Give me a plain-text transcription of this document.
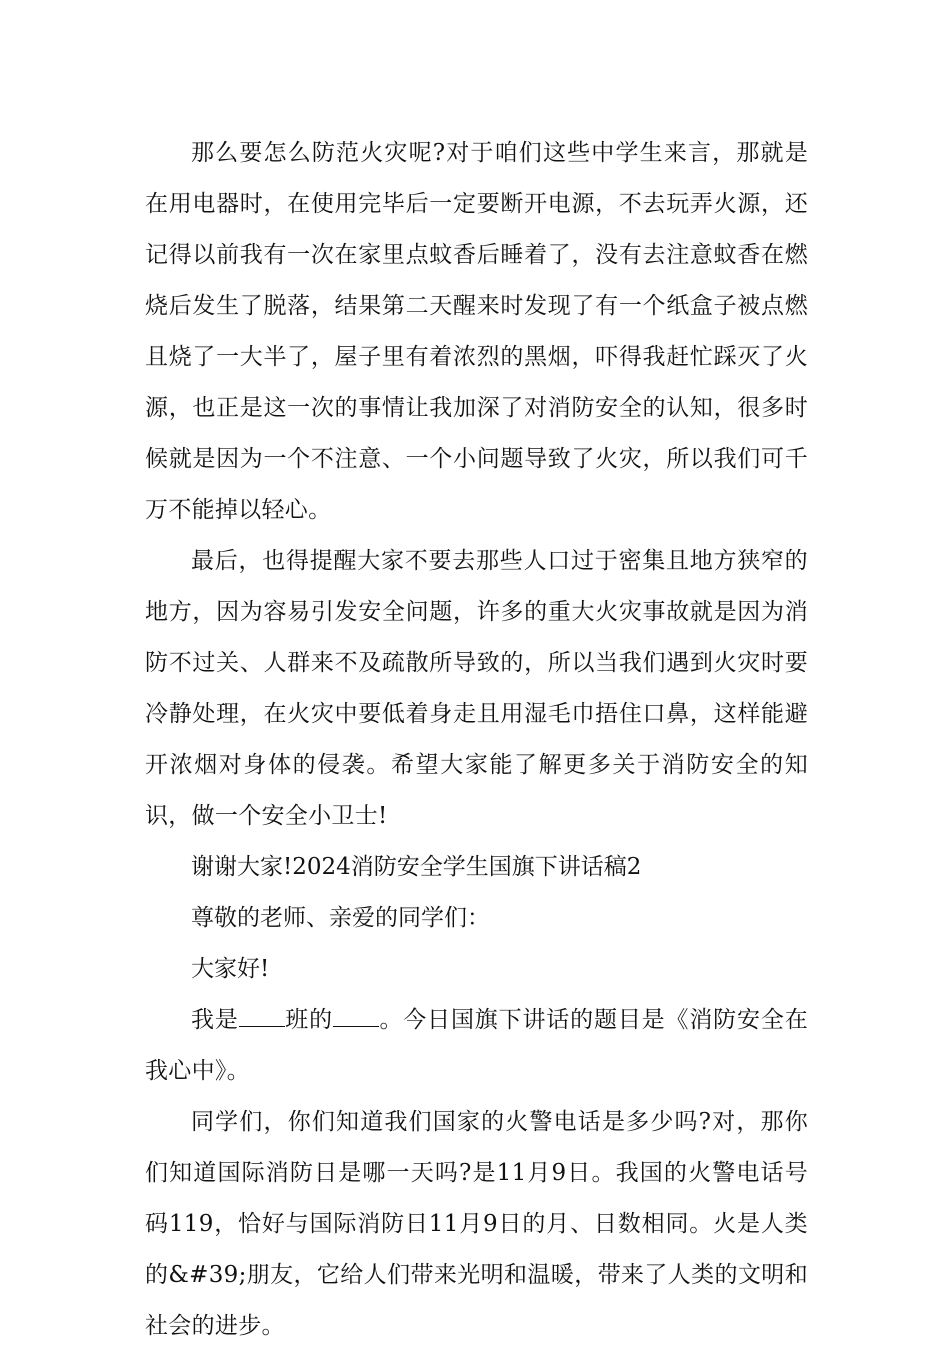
那么要怎么防范火灾呢?对于咱们这些中学生来言，那就是在用电器时，在使用完毕后一定要断开电源，不去玩弄火源，还记得以前我有一次在家里点蚊香后睡着了，没有去注意蚊香在燃烧后发生了脱落，结果第二天醒来时发现了有一个纸盒子被点燃且烧了一大半了，屋子里有着浓烈的黑烟，吓得我赶忙踩灭了火源，也正是这一次的事情让我加深了对消防安全的认知，很多时候就是因为一个不注意、一个小问题导致了火灾，所以我们可千万不能掉以轻心。

最后，也得提醒大家不要去那些人口过于密集且地方狭窄的地方，因为容易引发安全问题，许多的重大火灾事故就是因为消防不过关、人群来不及疏散所导致的，所以当我们遇到火灾时要冷静处理，在火灾中要低着身走且用湿毛巾捂住口鼻，这样能避开浓烟对身体的侵袭。希望大家能了解更多关于消防安全的知识，做一个安全小卫士!

谢谢大家!2024消防安全学生国旗下讲话稿2

尊敬的老师、亲爱的同学们：

大家好!

我是 班的 。今日国旗下讲话的题目是《消防安全在我心中》。

同学们，你们知道我们国家的火警电话是多少吗?对，那你们知道国际消防日是哪一天吗?是11月9日。我国的火警电话号码119，恰好与国际消防日11月9日的月、日数相同。火是人类的&#39;朋友，它给人们带来光明和温暖，带来了人类的文明和社会的进步。
